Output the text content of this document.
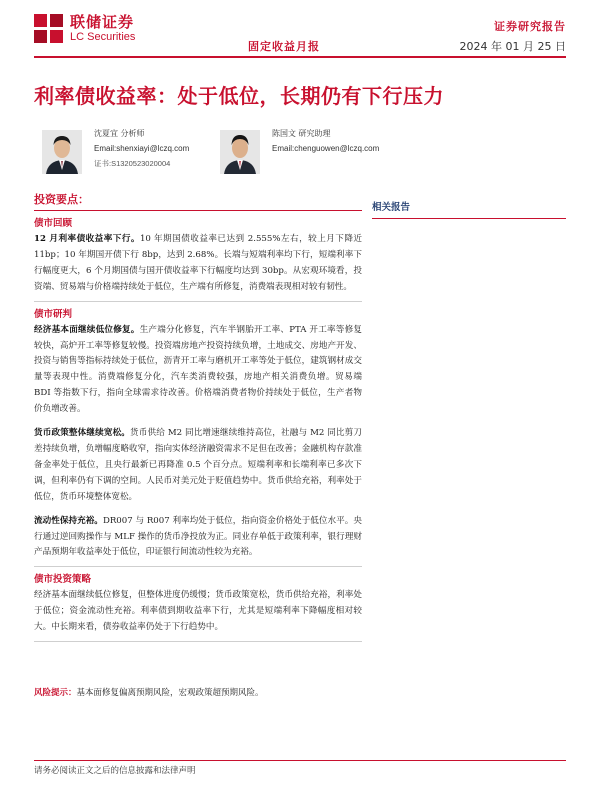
联储证券
LC Securities
固定收益月报
证券研究报告
2024 年 01 月 25 日
利率债收益率：处于低位，长期仍有下行压力
沈夏宜 分析师
Email:shenxiayi@lczq.com
证书:S1320523020004
陈国文 研究助理
Email:chenguowen@lczq.com
投资要点：
债市回顾
12 月利率债收益率下行。10 年期国债收益率已达到 2.555%左右，较上月下降近 11bp；10 年期国开债下行 8bp，达到 2.68%。长端与短端利率均下行，短端利率下行幅度更大，6 个月期国债与国开债收益率下行幅度均达到 30bp。从宏观环境看，投资端、贸易端与价格端持续处于低位，生产端有所修复，消费端表现相对较有韧性。
债市研判
经济基本面继续低位修复。生产端分化修复，汽车半钢胎开工率、PTA 开工率等修复较快，高炉开工率等修复较慢。投资端房地产投资持续负增，土地成交、房地产开发、投资与销售等指标持续处于低位，沥青开工率与磨机开工率等处于低位，建筑钢材成交量等表现中性。消费端修复分化，汽车类消费较强，房地产相关消费负增。贸易端 BDI 等指数下行，指向全球需求待改善。价格端消费者物价持续处于低位，生产者物价负增改善。
货币政策整体继续宽松。货币供给 M2 同比增速继续维持高位，社融与 M2 同比剪刀差持续负增，负增幅度略收窄，指向实体经济融资需求不足但在改善；金融机构存款准备金率处于低位，且央行最新已再降准 0.5 个百分点。短端利率和长端利率已多次下调，但利率仍有下调的空间。人民币对美元处于贬值趋势中。货币供给充裕，利率处于低位，货币环境整体宽松。
流动性保持充裕。DR007 与 R007 利率均处于低位，指向资金价格处于低位水平。央行通过逆回购操作与 MLF 操作的货币净投放为正。同业存单低于政策利率，银行理财产品预期年收益率处于低位，印证银行间流动性较为充裕。
债市投资策略
经济基本面继续低位修复，但整体进度仍缓慢；货币政策宽松，货币供给充裕，利率处于低位；资金流动性充裕。利率债到期收益率下行，尤其是短端利率下降幅度相对较大。中长期来看，债券收益率仍处于下行趋势中。
风险提示：基本面修复偏离预期风险，宏观政策超预期风险。
相关报告
请务必阅读正文之后的信息披露和法律声明
